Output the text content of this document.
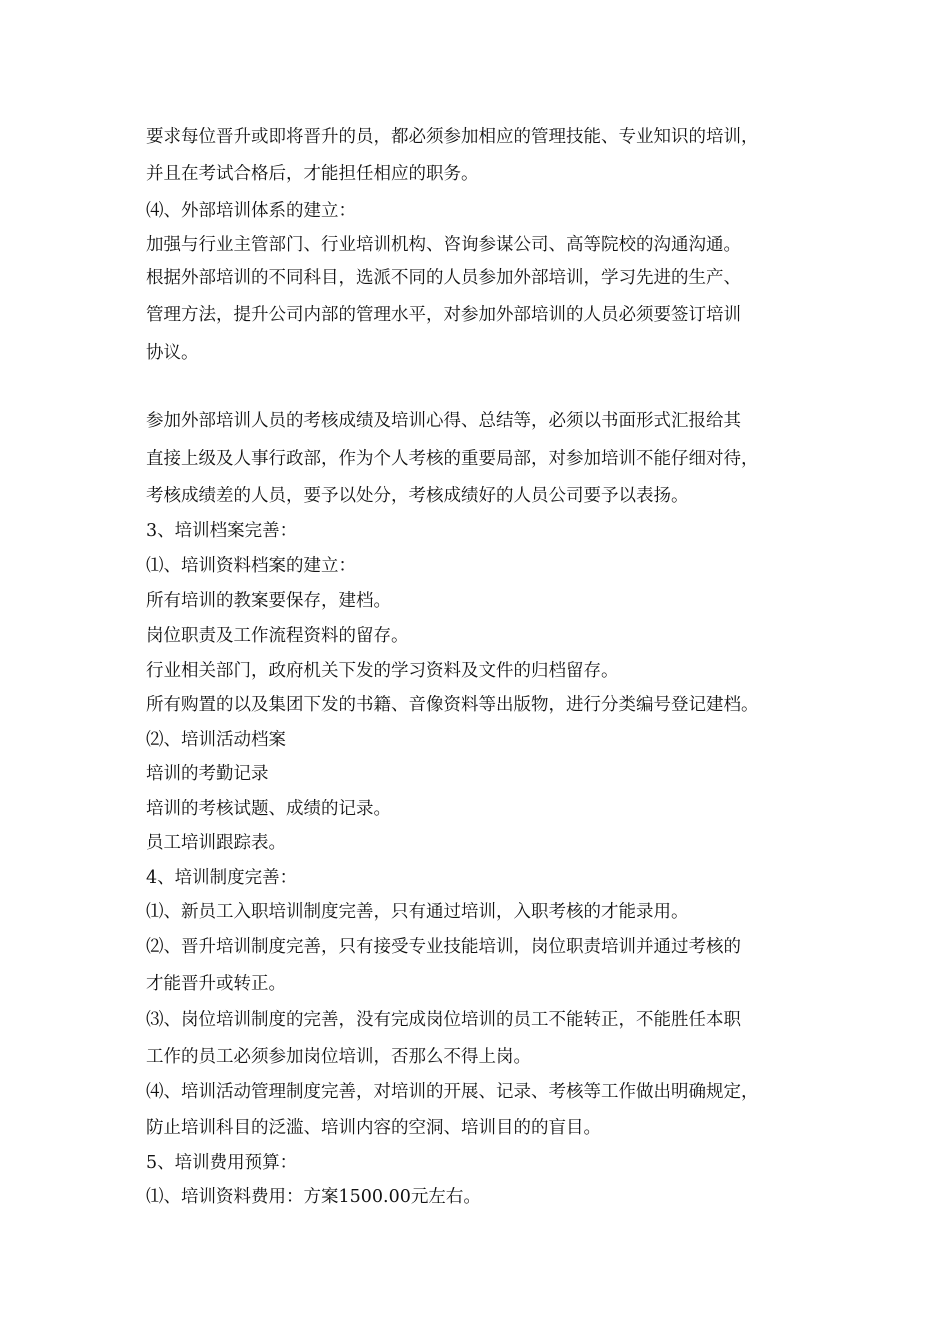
要求每位晋升或即将晋升的员，都必须参加相应的管理技能、专业知识的培训，
并且在考试合格后，才能担任相应的职务。
⑷、外部培训体系的建立：
加强与行业主管部门、行业培训机构、咨询参谋公司、高等院校的沟通沟通。
根据外部培训的不同科目，选派不同的人员参加外部培训，学习先进的生产、
管理方法，提升公司内部的管理水平，对参加外部培训的人员必须要签订培训
协议。
参加外部培训人员的考核成绩及培训心得、总结等，必须以书面形式汇报给其
直接上级及人事行政部，作为个人考核的重要局部，对参加培训不能仔细对待，
考核成绩差的人员，要予以处分，考核成绩好的人员公司要予以表扬。
3、培训档案完善：
⑴、培训资料档案的建立：
所有培训的教案要保存，建档。
岗位职责及工作流程资料的留存。
行业相关部门，政府机关下发的学习资料及文件的归档留存。
所有购置的以及集团下发的书籍、音像资料等出版物，进行分类编号登记建档。
⑵、培训活动档案
培训的考勤记录
培训的考核试题、成绩的记录。
员工培训跟踪表。
4、培训制度完善：
⑴、新员工入职培训制度完善，只有通过培训，入职考核的才能录用。
⑵、晋升培训制度完善，只有接受专业技能培训，岗位职责培训并通过考核的
才能晋升或转正。
⑶、岗位培训制度的完善，没有完成岗位培训的员工不能转正，不能胜任本职
工作的员工必须参加岗位培训，否那么不得上岗。
⑷、培训活动管理制度完善，对培训的开展、记录、考核等工作做出明确规定，
防止培训科目的泛滥、培训内容的空洞、培训目的的盲目。
5、培训费用预算：
⑴、培训资料费用：方案1500.00元左右。
